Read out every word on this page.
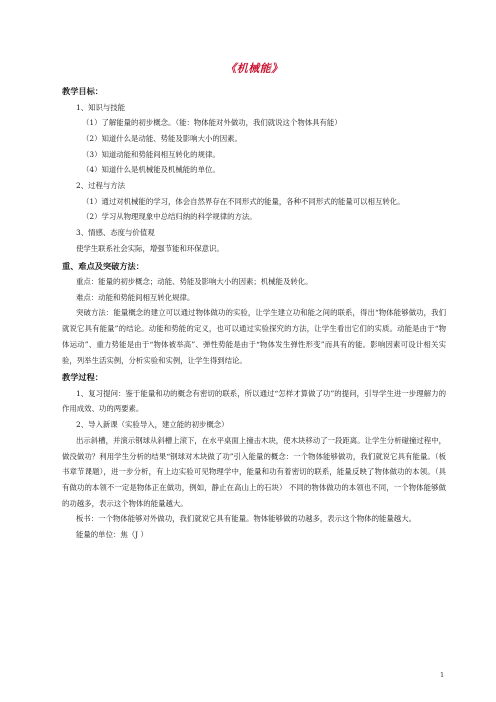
《机械能》
教学目标：
1、知识与技能
（1）了解能量的初步概念。（能：物体能对外做功，我们就说这个物体具有能）
（2）知道什么是动能、势能及影响大小的因素。
（3）知道动能和势能间相互转化的规律。
（4）知道什么是机械能及机械能的单位。
2、过程与方法
（1）通过对机械能的学习，体会自然界存在不同形式的能量，各种不同形式的能量可以相互转化。
（2）学习从物理现象中总结归纳的科学规律的方法。
3、情感、态度与价值观
使学生联系社会实际，增强节能和环保意识。
重、难点及突破方法：
重点：能量的初步概念；动能、势能及影响大小的因素；机械能及转化。
难点：动能和势能间相互转化规律。
突破方法：能量概念的建立可以通过物体做功的实验，让学生建立功和能之间的联系，得出“物体能够做功，我们就说它具有能量”的结论。动能和势能的定义，也可以通过实验探究的方法，让学生看出它们的实质。动能是由于“物体运动”、重力势能是由于“物体被举高”、弹性势能是由于“物体发生弹性形变”而具有的能。影响因素可设计相关实验，列举生活实例，分析实验和实例，让学生得到结论。
教学过程：
1、复习提问：鉴于能量和功的概念有密切的联系，所以通过“怎样才算做了功”的提问，引导学生进一步理解力的作用成效、功的两要素。
2、导入新课（实验导入，建立能的初步概念）
出示斜槽，并演示钢球从斜槽上滚下，在水平桌面上撞击木块，使木块移动了一段距离。让学生分析碰撞过程中，做没做功？利用学生分析的结果“钢球对木块做了功”引入能量的概念：一个物体能够做功，我们就说它具有能量。（板书章节课题），进一步分析，有上边实验可见物理学中，能量和功有着密切的联系，能量反映了物体做功的本领。（具有做功的本领不一定是物体正在做功，例如，静止在高山上的石块） 不同的物体做功的本领也不同，一个物体能够做的功越多，表示这个物体的能量越大。
板书：一个物体能够对外做功，我们就说它具有能量。物体能够做的功越多，表示这个物体的能量越大。
能量的单位：焦（J ）
1
